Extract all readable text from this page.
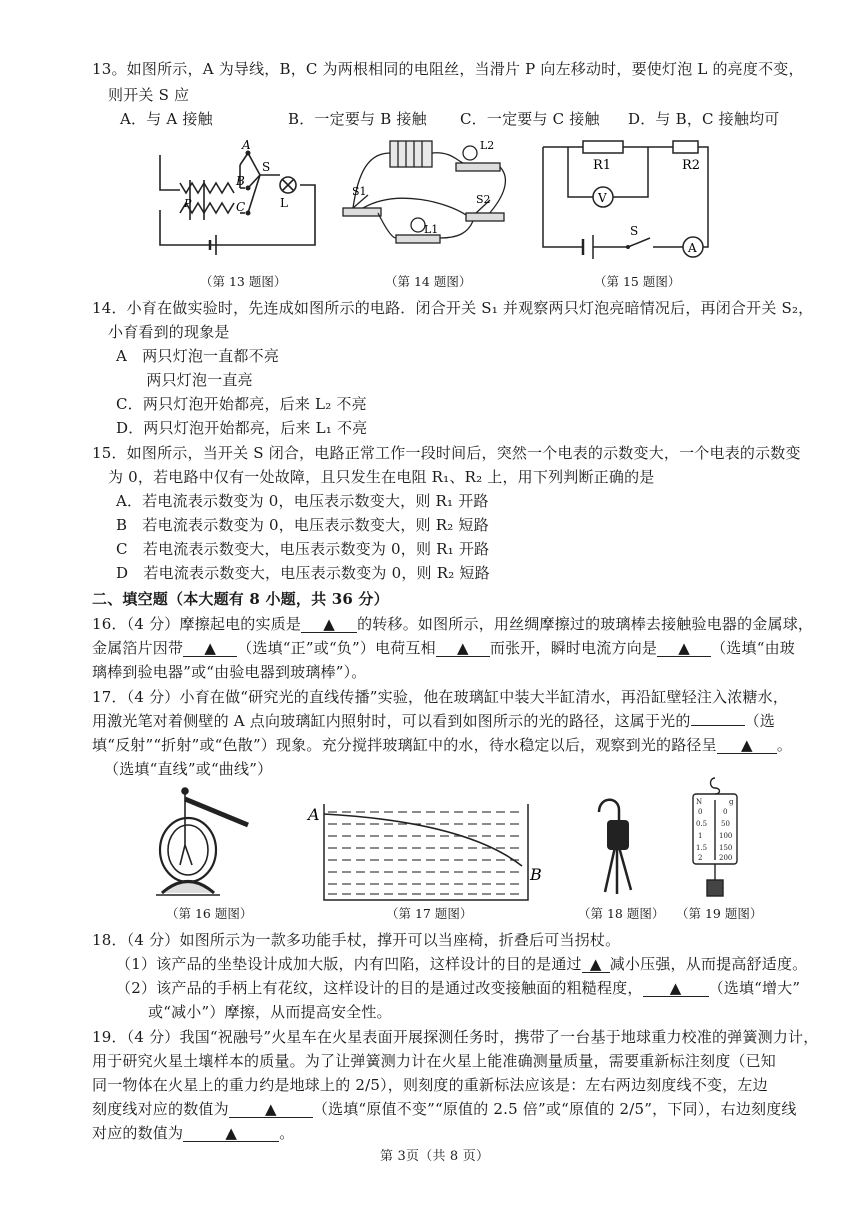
13。如图所示，A 为导线，B，C 为两根相同的电阻丝，当滑片 P 向左移动时，要使灯泡 L 的亮度不变，
则开关 S 应
A．与 A 接触	B．一定要与 B 接触 C．一定要与 C 接触 D．与 B，C 接触均可
A
B
C
S
L
P
L2
L1
S1
S2
R1	R2
V
A
S
（第 13 题图）	（第 14 题图）	（第 15 题图）
14．小育在做实验时，先连成如图所示的电路．闭合开关 S₁ 并观察两只灯泡亮暗情况后，再闭合开关 S₂，
小育看到的现象是
A　两只灯泡一直都不亮
　　两只灯泡一直亮
C．两只灯泡开始都亮，后来 L₂ 不亮
D．两只灯泡开始都亮，后来 L₁ 不亮
15．如图所示，当开关 S 闭合，电路正常工作一段时间后，突然一个电表的示数变大，一个电表的示数变
为 0，若电路中仅有一处故障，且只发生在电阻 R₁、R₂ 上，用下列判断正确的是
A．若电流表示数变为 0，电压表示数变大，则 R₁ 开路
B　若电流表示数变为 0，电压表示数变大，则 R₂ 短路
C　若电流表示数变大，电压表示数变为 0，则 R₁ 开路
D　若电流表示数变大，电压表示数变为 0，则 R₂ 短路
二、填空题（本大题有 8 小题，共 36 分）
16．（4 分）摩擦起电的实质是 ▲ 的转移。如图所示，用丝绸摩擦过的玻璃棒去接触验电器的金属球，
金属箔片因带 ▲ （选填“正”或“负”）电荷互相 ▲ 而张开，瞬时电流方向是 ▲ （选填“由玻
璃棒到验电器”或“由验电器到玻璃棒”）。
17．（4 分）小育在做“研究光的直线传播”实验，他在玻璃缸中装大半缸清水，再沿缸壁轻注入浓糖水，
用激光笔对着侧壁的 A 点向玻璃缸内照射时，可以看到如图所示的光的路径，这属于光的	（选
填“反射”“折射”或“色散”）现象。充分搅拌玻璃缸中的水，待水稳定以后，观察到光的路径呈 ▲ 。
（选填“直线”或“曲线”）
A
B
N	g
0
0.5
1
1.5
2
0
50
100
150
200
（第 16 题图）	（第 17 题图）	（第 18 题图） （第 19 题图）
18．（4 分）如图所示为一款多功能手杖，撑开可以当座椅，折叠后可当拐杖。
（1）该产品的坐垫设计成加大版，内有凹陷，这样设计的目的是通过 ▲ 减小压强，从而提高舒适度。
（2）该产品的手柄上有花纹，这样设计的目的是通过改变接触面的粗糙程度， ▲ （选填“增大”
或“减小”）摩擦，从而提高安全性。
19．（4 分）我国“祝融号”火星车在火星表面开展探测任务时，携带了一台基于地球重力校准的弹簧测力计，
用于研究火星土壤样本的质量。为了让弹簧测力计在火星上能准确测量质量，需要重新标注刻度（已知
同一物体在火星上的重力约是地球上的 2/5），则刻度的重新标法应该是：左右两边刻度线不变，左边
刻度线对应的数值为 ▲ （选填“原值不变”“原值的 2.5 倍”或“原值的 2/5”，下同），右边刻度线
对应的数值为	▲	。
第 3页（共 8 页）
